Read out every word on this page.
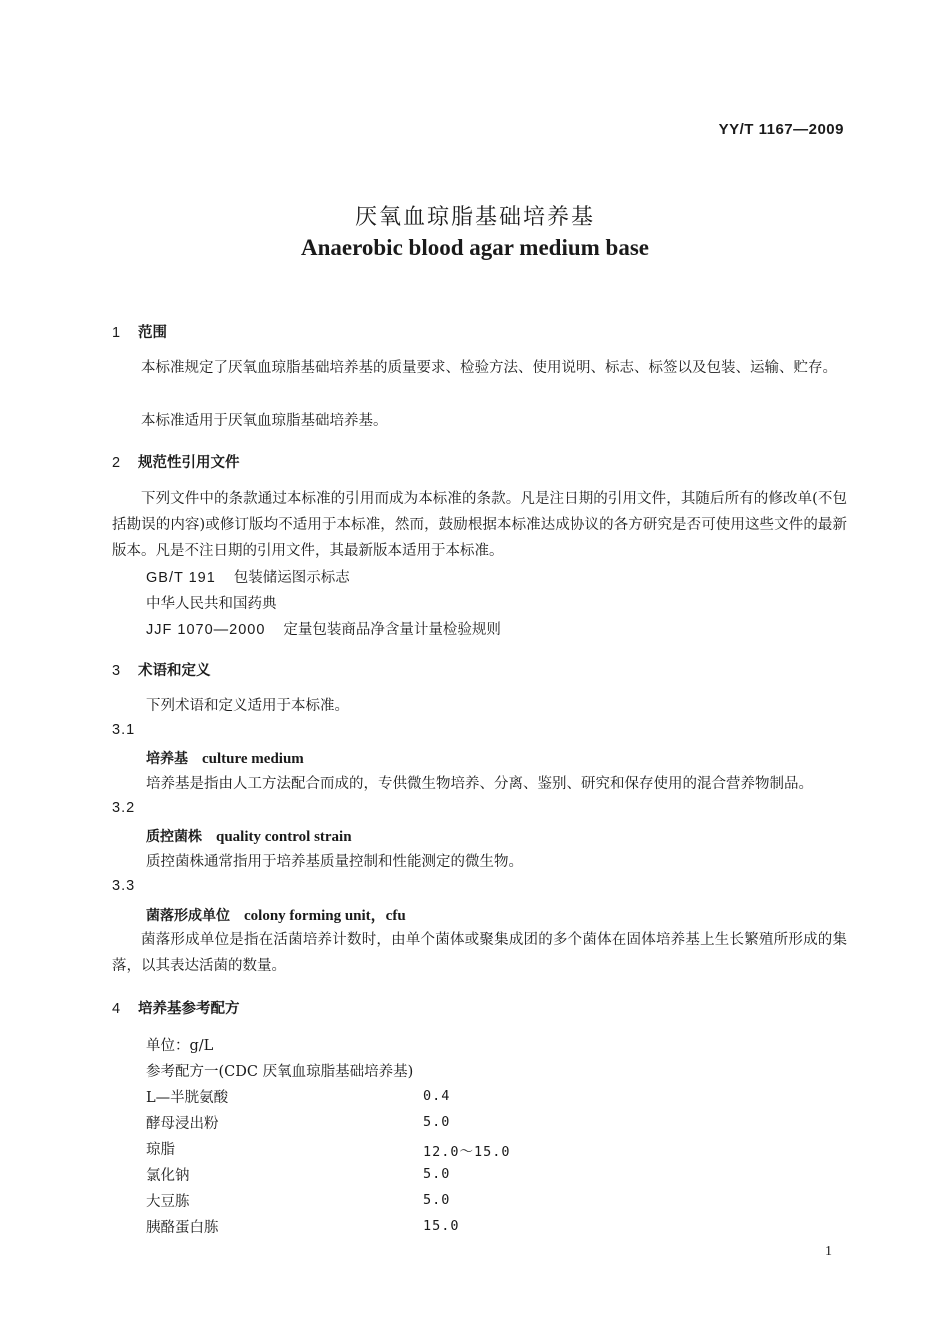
YY/T 1167—2009
厌氧血琼脂基础培养基
Anaerobic blood agar medium base
1 范围
本标准规定了厌氧血琼脂基础培养基的质量要求、检验方法、使用说明、标志、标签以及包装、运输、贮存。
本标准适用于厌氧血琼脂基础培养基。
2 规范性引用文件
下列文件中的条款通过本标准的引用而成为本标准的条款。凡是注日期的引用文件，其随后所有的修改单(不包括勘误的内容)或修订版均不适用于本标准，然而，鼓励根据本标准达成协议的各方研究是否可使用这些文件的最新版本。凡是不注日期的引用文件，其最新版本适用于本标准。
GB/T 191 包装储运图示标志
中华人民共和国药典
JJF 1070—2000 定量包装商品净含量计量检验规则
3 术语和定义
下列术语和定义适用于本标准。
3.1
培养基 culture medium
培养基是指由人工方法配合而成的，专供微生物培养、分离、鉴别、研究和保存使用的混合营养物制品。
3.2
质控菌株 quality control strain
质控菌株通常指用于培养基质量控制和性能测定的微生物。
3.3
菌落形成单位 colony forming unit，cfu
菌落形成单位是指在活菌培养计数时，由单个菌体或聚集成团的多个菌体在固体培养基上生长繁殖所形成的集落，以其表达活菌的数量。
4 培养基参考配方
单位：g/L
参考配方一(CDC 厌氧血琼脂基础培养基)
L—半胱氨酸	0.4
酵母浸出粉	5.0
琼脂	12.0～15.0
氯化钠	5.0
大豆胨	5.0
胰酪蛋白胨	15.0
1
